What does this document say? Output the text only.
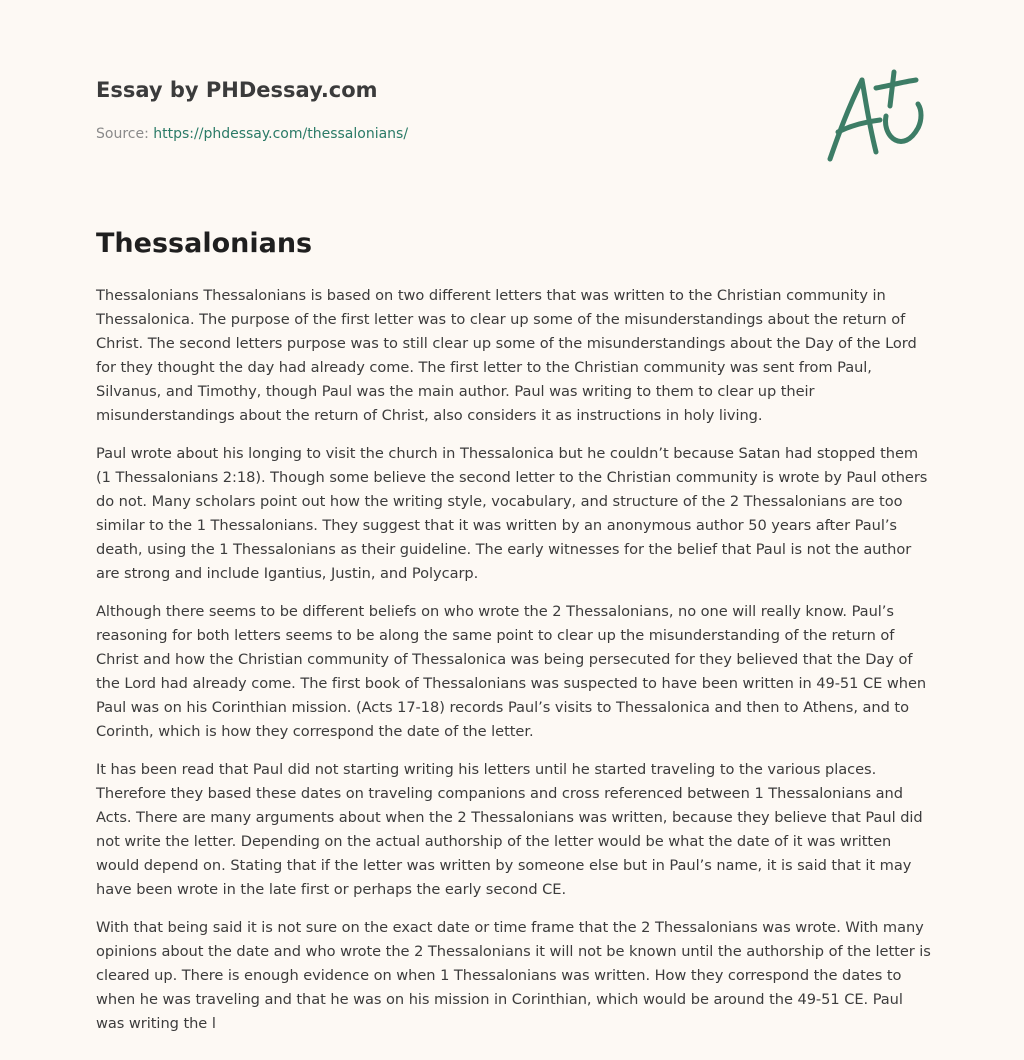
Essay by PHDessay.com
Source: https://phdessay.com/thessalonians/
Thessalonians

Thessalonians Thessalonians is based on two different letters that was written to the Christian community in Thessalonica. The purpose of the first letter was to clear up some of the misunderstandings about the return of Christ. The second letters purpose was to still clear up some of the misunderstandings about the Day of the Lord for they thought the day had already come. The first letter to the Christian community was sent from Paul, Silvanus, and Timothy, though Paul was the main author. Paul was writing to them to clear up their misunderstandings about the return of Christ, also considers it as instructions in holy living.

Paul wrote about his longing to visit the church in Thessalonica but he couldn’t because Satan had stopped them (1 Thessalonians 2:18). Though some believe the second letter to the Christian community is wrote by Paul others do not. Many scholars point out how the writing style, vocabulary, and structure of the 2 Thessalonians are too similar to the 1 Thessalonians. They suggest that it was written by an anonymous author 50 years after Paul’s death, using the 1 Thessalonians as their guideline. The early witnesses for the belief that Paul is not the author are strong and include Igantius, Justin, and Polycarp.

Although there seems to be different beliefs on who wrote the 2 Thessalonians, no one will really know. Paul’s reasoning for both letters seems to be along the same point to clear up the misunderstanding of the return of Christ and how the Christian community of Thessalonica was being persecuted for they believed that the Day of the Lord had already come. The first book of Thessalonians was suspected to have been written in 49-51 CE when Paul was on his Corinthian mission. (Acts 17-18) records Paul’s visits to Thessalonica and then to Athens, and to Corinth, which is how they correspond the date of the letter.

It has been read that Paul did not starting writing his letters until he started traveling to the various places. Therefore they based these dates on traveling companions and cross referenced between 1 Thessalonians and Acts. There are many arguments about when the 2 Thessalonians was written, because they believe that Paul did not write the letter. Depending on the actual authorship of the letter would be what the date of it was written would depend on. Stating that if the letter was written by someone else but in Paul’s name, it is said that it may have been wrote in the late first or perhaps the early second CE.

With that being said it is not sure on the exact date or time frame that the 2 Thessalonians was wrote. With many opinions about the date and who wrote the 2 Thessalonians it will not be known until the authorship of the letter is cleared up. There is enough evidence on when 1 Thessalonians was written. How they correspond the dates to when he was traveling and that he was on his mission in Corinthian, which would be around the 49-51 CE. Paul was writing the l
